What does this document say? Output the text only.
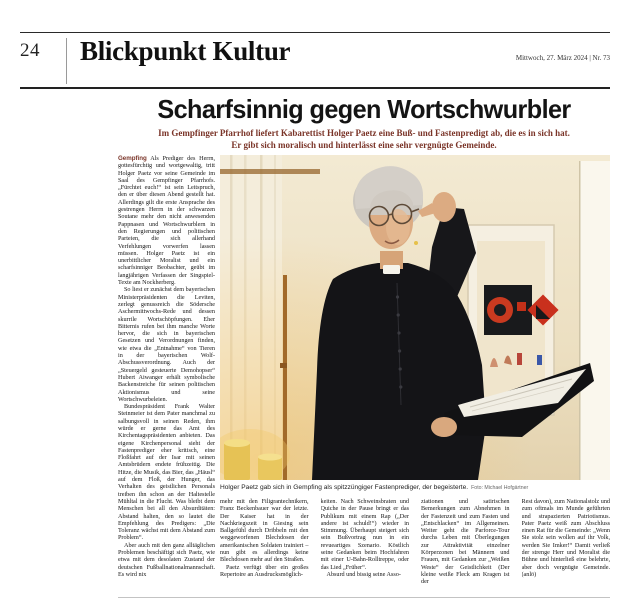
24 Blickpunkt Kultur	Mittwoch, 27. März 2024 | Nr. 73
Scharfsinnig gegen Wortschwurbler
Im Gempfinger Pfarrhof liefert Kabarettist Holger Paetz eine Buß- und Fastenpredigt ab, die es in sich hat.
Er gibt sich moralisch und hinterlässt eine sehr vergnügte Gemeinde.

Gempfing Als Prediger des Herrn, gottesfürchtig und wortgewaltig, tritt Holger Paetz vor seine Gemeinde im Saal des Gempfinger Pfarrhofs. „Fürchtet euch!“ ist sein Leitspruch, den er über diesen Abend gestellt hat. Allerdings gilt die erste Ansprache des gestrengen Herrn in der schwarzen Soutane mehr den nicht anwesenden Pappnasen und Wortschwurblern in den Regierungen und politischen Parteien, die sich allerhand Verfehlungen vorwerfen lassen müssen. Holger Paetz ist ein unerbittlicher Moralist und ein scharfsinniger Beobachter, geübt im langjährigen Verfassen der Singspiel-Texte am Nockherberg.

So liest er zunächst dem bayerischen Ministerpräsidenten die Leviten, zerlegt genussreich die Södersche Aschermittwochs-Rede und dessen skurrile Wortschöpfungen. Eher Bitternis rufen bei ihm manche Worte hervor, die sich in bayerischen Gesetzen und Verordnungen finden, wie etwa die „Entnahme“ von Tieren in der bayerischen Wolf-Abschussverordnung. Auch der „Steuergeld gesteuerte Demohopser“ Hubert Aiwanger erhält symbolische Backenstreiche für seinen politischen Aktionismus und seine Wortschwurbeleien.

Bundespräsident Frank Walter Steinmeier ist dem Pater manchmal zu salbungsvoll in seinen Reden, ihm würde er gerne das Amt des Kirchentagspräsidenten anbieten. Das eigene Kirchenpersonal sieht der Fastenprediger eher kritisch, eine Floßfahrt auf der Isar mit seinen Amtsbrüdern endete frühzeitig. Die Hitze, die Musik, das Bier, das „Häusl“ auf dem Floß, der Hunger, das Verhalten des geistlichen Personals treiben ihn schon an der Haltestelle Mühltal in die Flucht. Was bleibt dem Menschen bei all den Absurditäten: Abstand halten, den so lautet die Empfehlung des Predigers: „Die Toleranz wächst mit dem Abstand zum Problem“.

Aber auch mit den ganz alltäglichen Problemen beschäftigt sich Paetz, wie etwa mit dem desolaten Zustand der deutschen Fußballnationalmannschaft. Es wird nix

Holger Paetz gab sich in Gempfing als spitzzüngiger Fastenprediger, der begeisterte. Foto: Michael Hofgärtner

mehr mit den Filigrantechnikern, Franz Beckenbauer war der letzte. Der Kaiser hat in der Nachkriegszeit in Giesing sein Ballgefühl durch Dribbeln mit den weggeworfenen Blechdosen der amerikanischen Soldaten trainiert – nun gibt es allerdings keine Blechdosen mehr auf den Straßen.

Paetz verfügt über ein großes Repertoire an Ausdrucksmöglich-

keiten. Nach Schweinsbraten und Quiche in der Pause bringt er das Publikum mit einem Rap („Der andere ist schuld!“) wieder in Stimmung. Überhaupt steigert sich sein Bußvortrag nun in ein revueartiges Szenario. Köstlich seine Gedanken beim Hochfahren mit einer U-Bahn-Rolltreppe, oder das Lied „Früher“.

Absurd und bissig seine Asso-

ziationen und satirischen Bemerkungen zum Abnehmen in der Fastenzeit und zum Fasten und „Entschlacken“ im Allgemeinen. Weiter geht die Parforce-Tour durchs Leben mit Überlegungen zur Attraktivität einzelner Körperzonen bei Männern und Frauen, mit Gedanken zur „Weißen Weste“ der Geistlichkeit (Der kleine weiße Fleck am Kragen ist der

Rest davon), zum Nationalstolz und zum oftmals im Munde geführten und strapazierten Patriotismus. Pater Paetz weiß zum Abschluss einen Rat für die Gemeinde: „Wenn Sie stolz sein wollen auf ihr Volk, werden Sie Imker!“ Damit verließ der strenge Herr und Moralist die Bühne und hinterließ eine belehrte, aber doch vergnügte Gemeinde. (anlö)
